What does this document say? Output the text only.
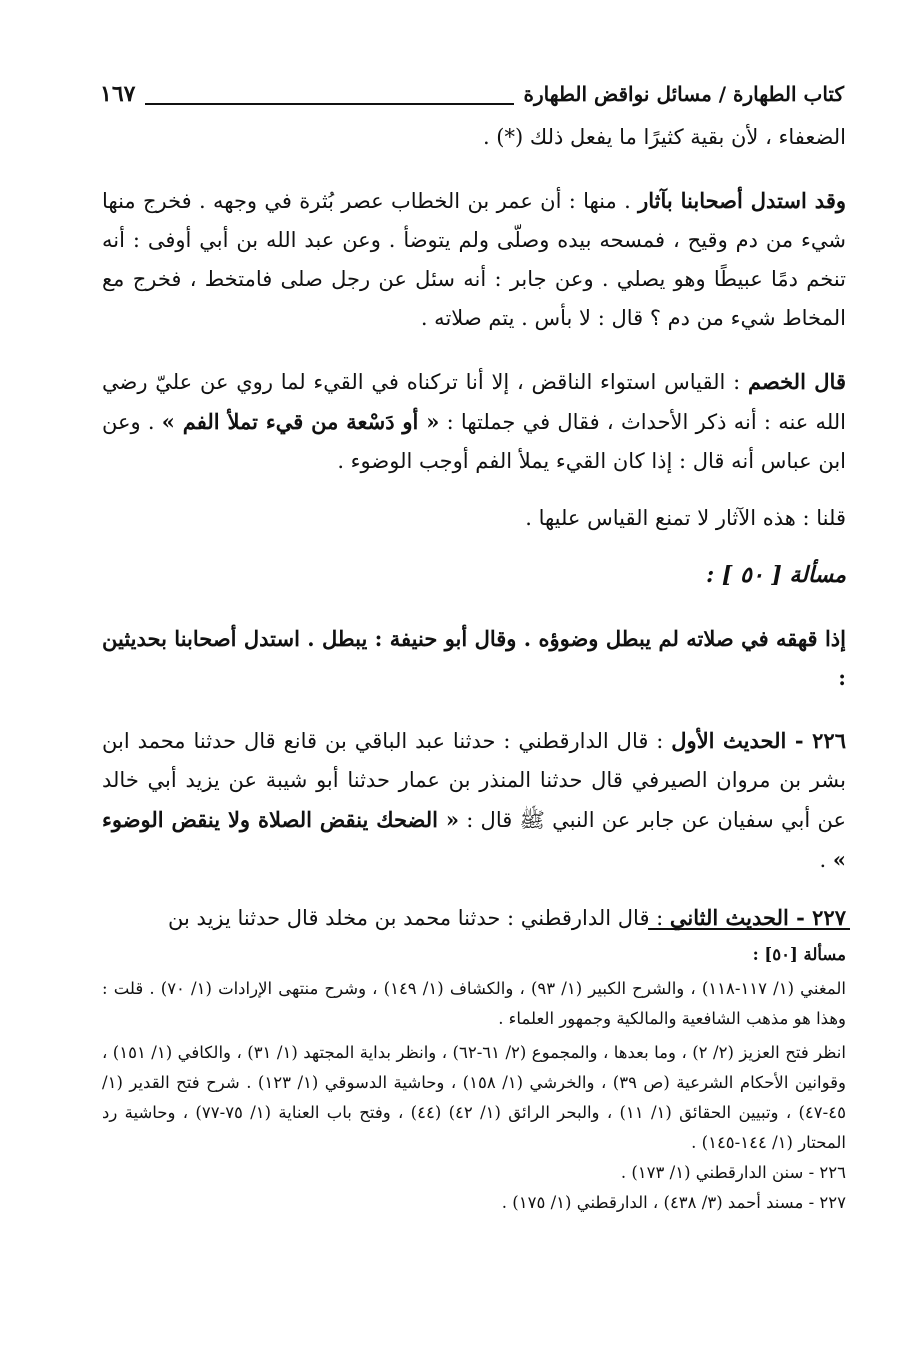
كتاب الطهارة / مسائل نواقض الطهارة
١٦٧

الضعفاء ، لأن بقية كثيرًا ما يفعل ذلك (*) .

وقد استدل أصحابنا بآثار . منها : أن عمر بن الخطاب عصر بُثرة في وجهه . فخرج منها شيء من دم وقيح ، فمسحه بيده وصلّى ولم يتوضأ . وعن عبد الله بن أبي أوفى : أنه تنخم دمًا عبيطًا وهو يصلي . وعن جابر : أنه سئل عن رجل صلى فامتخط ، فخرج مع المخاط شيء من دم ؟ قال : لا بأس . يتم صلاته .

قال الخصم : القياس استواء الناقض ، إلا أنا تركناه في القيء لما روي عن عليّ رضي الله عنه : أنه ذكر الأحداث ، فقال في جملتها : « أو دَسْعة من قيء تملأ الفم » . وعن ابن عباس أنه قال : إذا كان القيء يملأ الفم أوجب الوضوء .

قلنا : هذه الآثار لا تمنع القياس عليها .

مسألة [ ٥٠ ] :

إذا قهقه في صلاته لم يبطل وضوؤه . وقال أبو حنيفة : يبطل . استدل أصحابنا بحديثين :

٢٢٦ - الحديث الأول : قال الدارقطني : حدثنا عبد الباقي بن قانع قال حدثنا محمد ابن بشر بن مروان الصيرفي قال حدثنا المنذر بن عمار حدثنا أبو شيبة عن يزيد أبي خالد عن أبي سفيان عن جابر عن النبي ﷺ قال : « الضحك ينقض الصلاة ولا ينقض الوضوء » .

٢٢٧ - الحديث الثاني : قال الدارقطني : حدثنا محمد بن مخلد قال حدثنا يزيد بن

مسألة [٥٠] :

المغني (١/ ١١٧-١١٨) ، والشرح الكبير (١/ ٩٣) ، والكشاف (١/ ١٤٩) ، وشرح منتهى الإرادات (١/ ٧٠) . قلت : وهذا هو مذهب الشافعية والمالكية وجمهور العلماء .

انظر فتح العزيز (٢/ ٢) ، وما بعدها ، والمجموع (٢/ ٦١-٦٢) ، وانظر بداية المجتهد (١/ ٣١) ، والكافي (١/ ١٥١) ، وقوانين الأحكام الشرعية (ص ٣٩) ، والخرشي (١/ ١٥٨) ، وحاشية الدسوقي (١/ ١٢٣) . شرح فتح القدير (١/ ٤٥-٤٧) ، وتبيين الحقائق (١/ ١١) ، والبحر الرائق (١/ ٤٢) (٤٤) ، وفتح باب العناية (١/ ٧٥-٧٧) ، وحاشية رد المحتار (١/ ١٤٤-١٤٥) .

٢٢٦ - سنن الدارقطني (١/ ١٧٣) .

٢٢٧ - مسند أحمد (٣/ ٤٣٨) ، الدارقطني (١/ ١٧٥) .
